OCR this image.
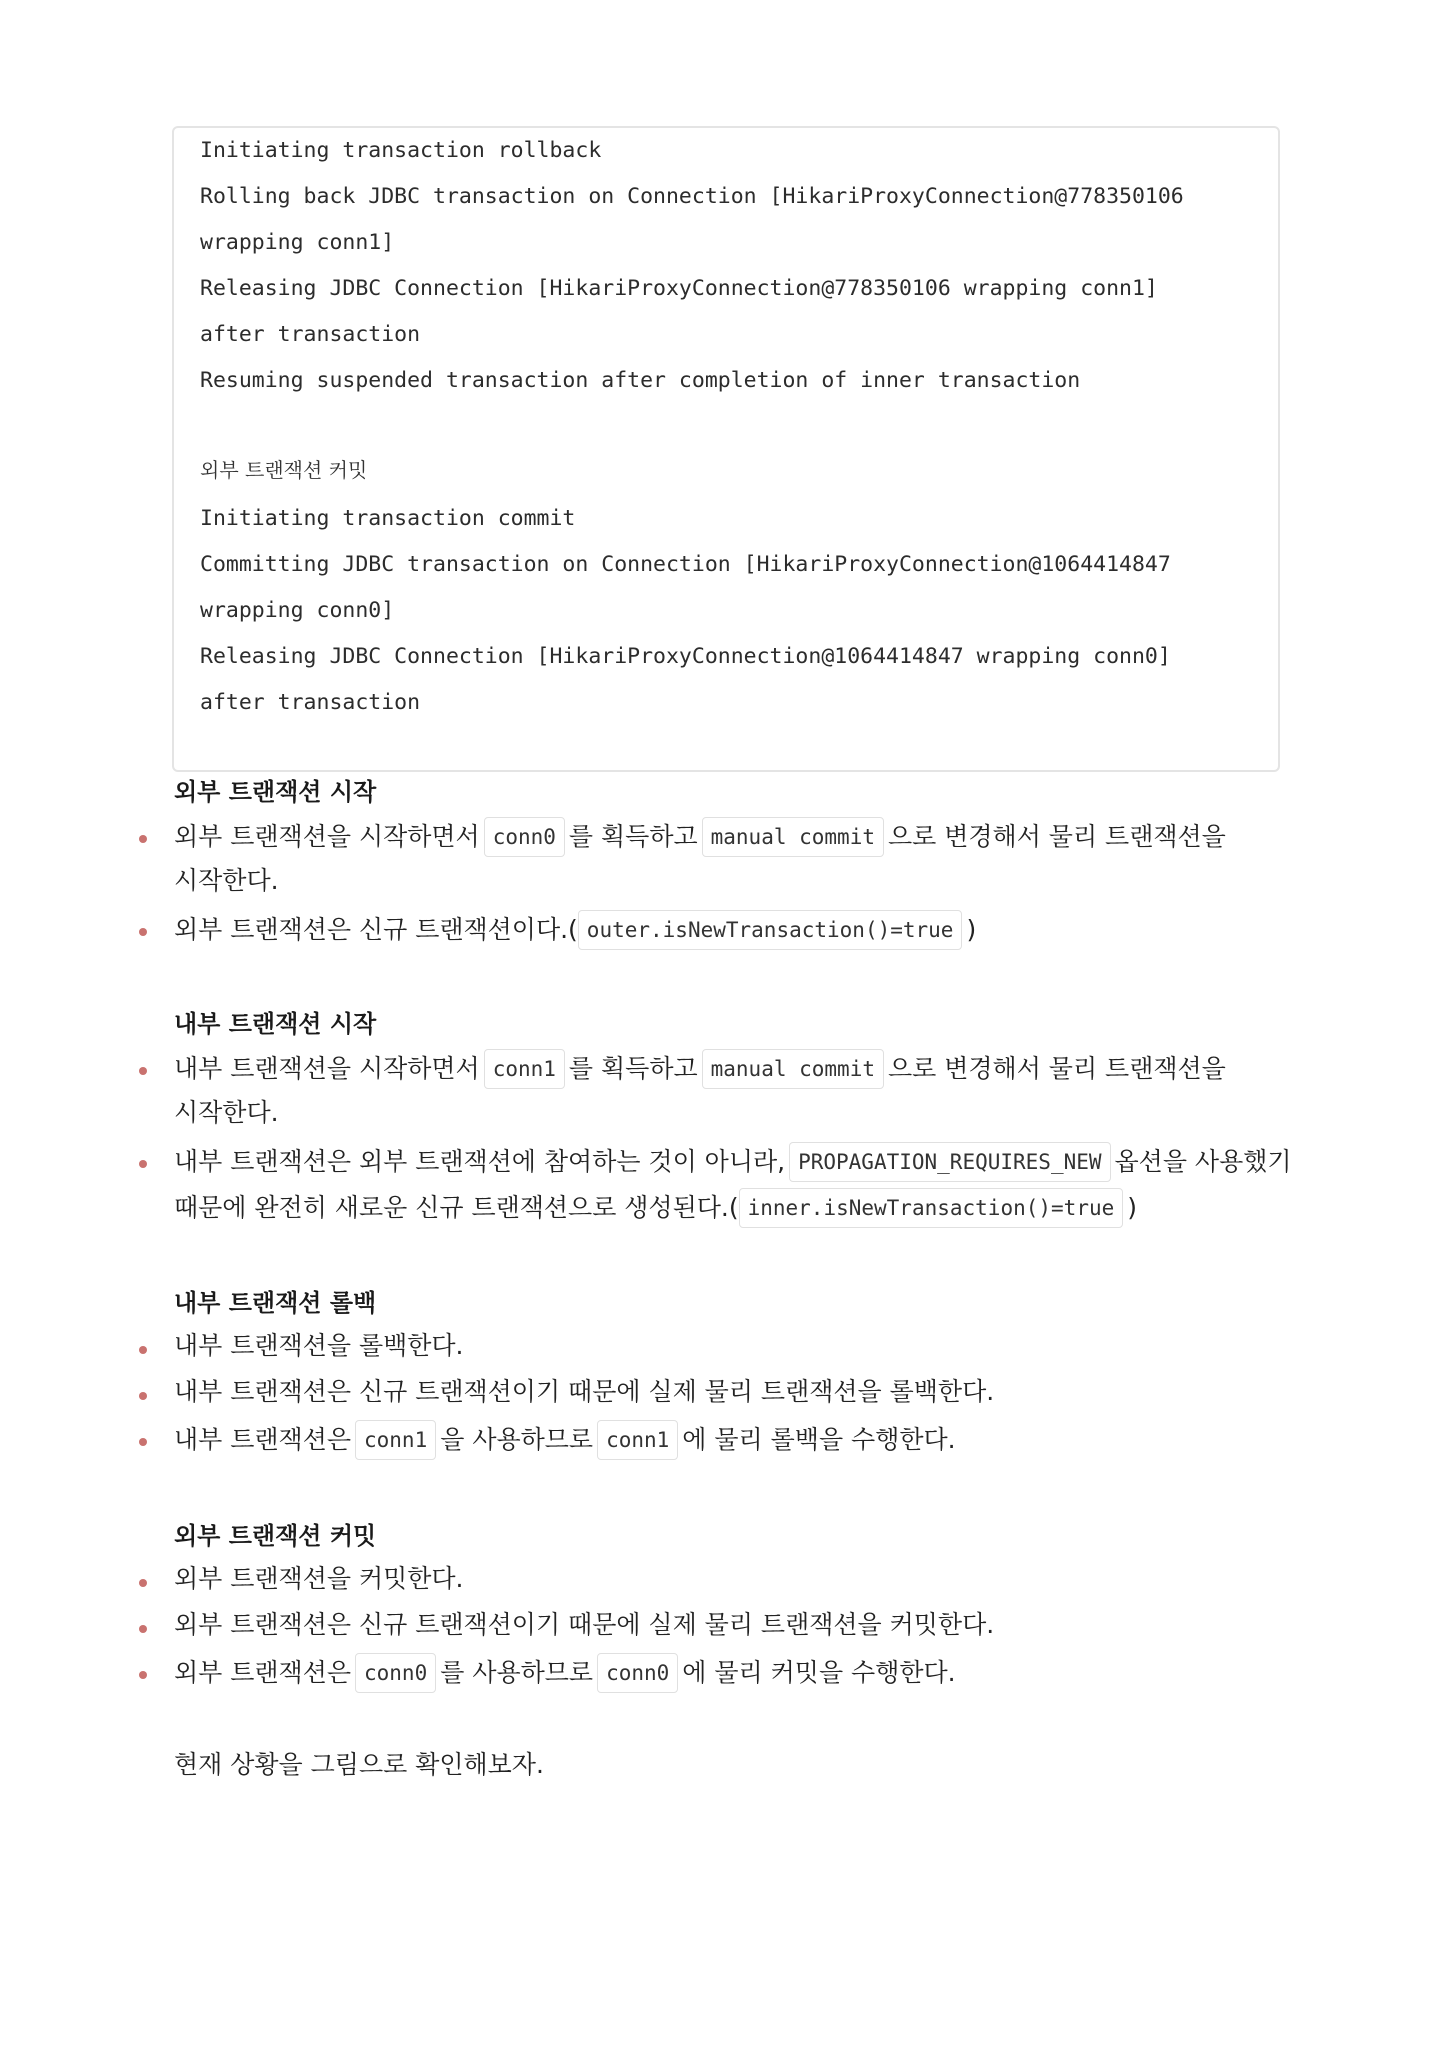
Initiating transaction rollback
Rolling back JDBC transaction on Connection [HikariProxyConnection@778350106
wrapping conn1]
Releasing JDBC Connection [HikariProxyConnection@778350106 wrapping conn1]
after transaction
Resuming suspended transaction after completion of inner transaction
외부 트랜잭션 커밋
Initiating transaction commit
Committing JDBC transaction on Connection [HikariProxyConnection@1064414847
wrapping conn0]
Releasing JDBC Connection [HikariProxyConnection@1064414847 wrapping conn0]
after transaction
외부 트랜잭션 시작
외부 트랜잭션을 시작하면서 conn0 를 획득하고 manual commit 으로 변경해서 물리 트랜잭션을
시작한다.
외부 트랜잭션은 신규 트랜잭션이다.( outer.isNewTransaction()=true )
내부 트랜잭션 시작
내부 트랜잭션을 시작하면서 conn1 를 획득하고 manual commit 으로 변경해서 물리 트랜잭션을
시작한다.
내부 트랜잭션은 외부 트랜잭션에 참여하는 것이 아니라, PROPAGATION_REQUIRES_NEW 옵션을 사용했기
때문에 완전히 새로운 신규 트랜잭션으로 생성된다.( inner.isNewTransaction()=true )
내부 트랜잭션 롤백
내부 트랜잭션을 롤백한다.
내부 트랜잭션은 신규 트랜잭션이기 때문에 실제 물리 트랜잭션을 롤백한다.
내부 트랜잭션은 conn1 을 사용하므로 conn1 에 물리 롤백을 수행한다.
외부 트랜잭션 커밋
외부 트랜잭션을 커밋한다.
외부 트랜잭션은 신규 트랜잭션이기 때문에 실제 물리 트랜잭션을 커밋한다.
외부 트랜잭션은 conn0 를 사용하므로 conn0 에 물리 커밋을 수행한다.
현재 상황을 그림으로 확인해보자.
